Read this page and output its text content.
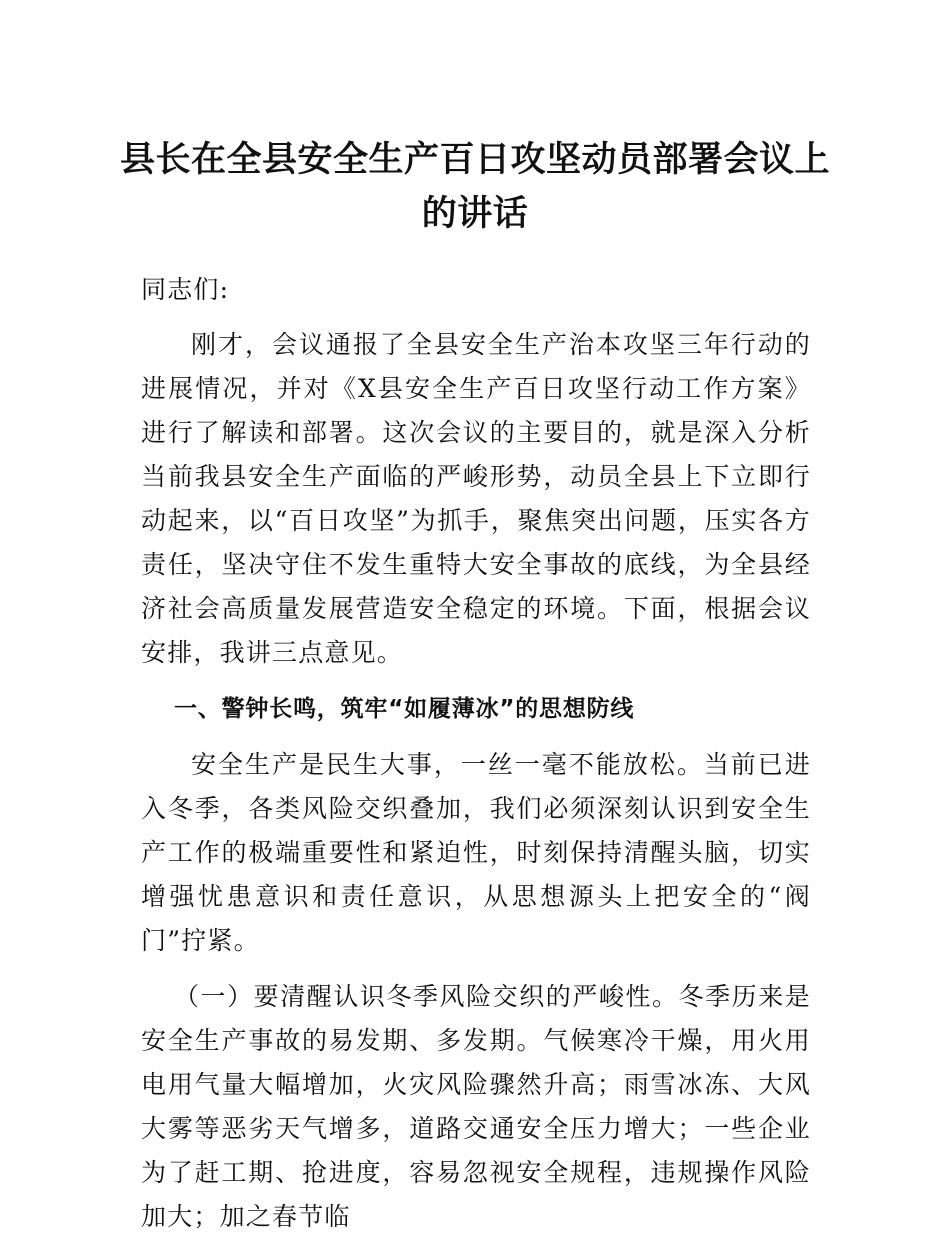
县长在全县安全生产百日攻坚动员部署会议上的讲话

同志们:

刚才，会议通报了全县安全生产治本攻坚三年行动的进展情况，并对《X县安全生产百日攻坚行动工作方案》进行了解读和部署。这次会议的主要目的，就是深入分析当前我县安全生产面临的严峻形势，动员全县上下立即行动起来，以“百日攻坚”为抓手，聚焦突出问题，压实各方责任，坚决守住不发生重特大安全事故的底线，为全县经济社会高质量发展营造安全稳定的环境。下面，根据会议安排，我讲三点意见。

一、警钟长鸣，筑牢“如履薄冰”的思想防线

安全生产是民生大事，一丝一毫不能放松。当前已进入冬季，各类风险交织叠加，我们必须深刻认识到安全生产工作的极端重要性和紧迫性，时刻保持清醒头脑，切实增强忧患意识和责任意识，从思想源头上把安全的“阀门”拧紧。

（一）要清醒认识冬季风险交织的严峻性。冬季历来是安全生产事故的易发期、多发期。气候寒冷干燥，用火用电用气量大幅增加，火灾风险骤然升高；雨雪冰冻、大风大雾等恶劣天气增多，道路交通安全压力增大；一些企业为了赶工期、抢进度，容易忽视安全规程，违规操作风险加大；加之春节临
